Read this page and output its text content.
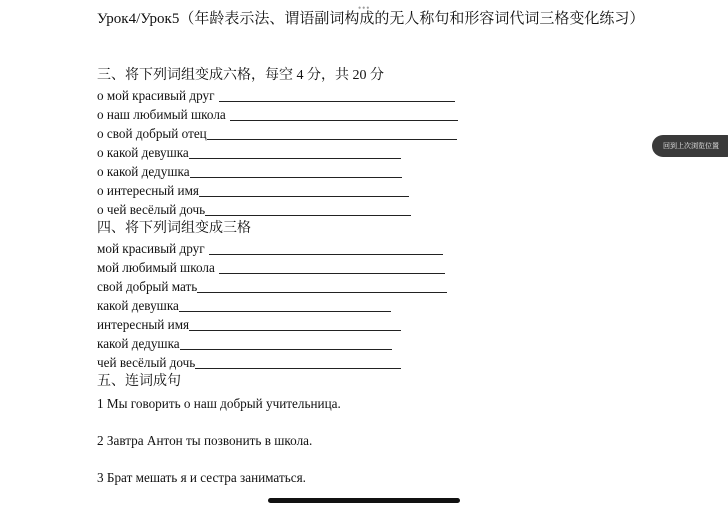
•••
Урок4/Урок5（年龄表示法、谓语副词构成的无人称句和形容词代词三格变化练习）
三、将下列词组变成六格，每空 4 分，共 20 分
о мой красивый друг
о наш любимый школа
о свой добрый отец
о какой девушка
о какой дедушка
о интересный имя
о чей весёлый дочь
四、将下列词组变成三格
мой красивый друг
мой любимый школа
свой добрый мать
какой девушка
интересный имя
какой дедушка
чей весёлый дочь
五、连词成句
1 Мы говорить о наш добрый учительница.
2 Завтра Антон ты позвонить в школа.
3 Брат мешать я и сестра заниматься.
回到上次浏览位置
